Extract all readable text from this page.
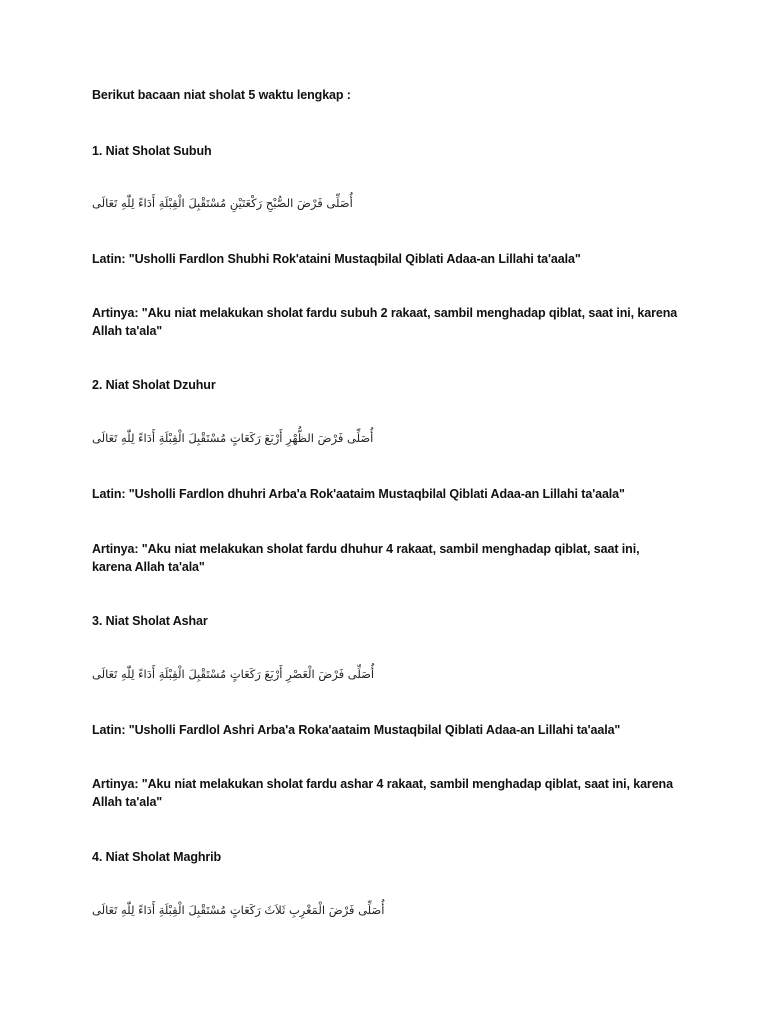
Berikut bacaan niat sholat 5 waktu lengkap :
1. Niat Sholat Subuh
أُصَلِّى فَرْضَ الصُّبْحِ رَكْعَتَيْنِ مُسْتَقْبِلَ الْقِبْلَةِ أَدَاءً لِلّٰهِ تَعَالَى
Latin: "Usholli Fardlon Shubhi Rok'ataini Mustaqbilal Qiblati Adaa-an Lillahi ta'aala"
Artinya: "Aku niat melakukan sholat fardu subuh 2 rakaat, sambil menghadap qiblat, saat ini, karena
Allah ta'ala"
2. Niat Sholat Dzuhur
أُصَلِّى فَرْضَ الظُّهْرِ أَرْبَعَ رَكَعَاتٍ مُسْتَقْبِلَ الْقِبْلَةِ أَدَاءً لِلّٰهِ تَعَالَى
Latin: "Usholli Fardlon dhuhri Arba'a Rok'aataim Mustaqbilal Qiblati Adaa-an Lillahi ta'aala"
Artinya: "Aku niat melakukan sholat fardu dhuhur 4 rakaat, sambil menghadap qiblat, saat ini,
karena Allah ta'ala"
3. Niat Sholat Ashar
أُصَلِّى فَرْضَ الْعَصْرِ أَرْبَعَ رَكَعَاتٍ مُسْتَقْبِلَ الْقِبْلَةِ أَدَاءً لِلّٰهِ تَعَالَى
Latin: "Usholli Fardlol Ashri Arba'a Roka'aataim Mustaqbilal Qiblati Adaa-an Lillahi ta'aala"
Artinya: "Aku niat melakukan sholat fardu ashar 4 rakaat, sambil menghadap qiblat, saat ini, karena
Allah ta'ala"
4. Niat Sholat Maghrib
أُصَلِّى فَرْضَ الْمَغْرِبِ ثَلاَثَ رَكَعَاتٍ مُسْتَقْبِلَ الْقِبْلَةِ أَدَاءً لِلّٰهِ تَعَالَى
